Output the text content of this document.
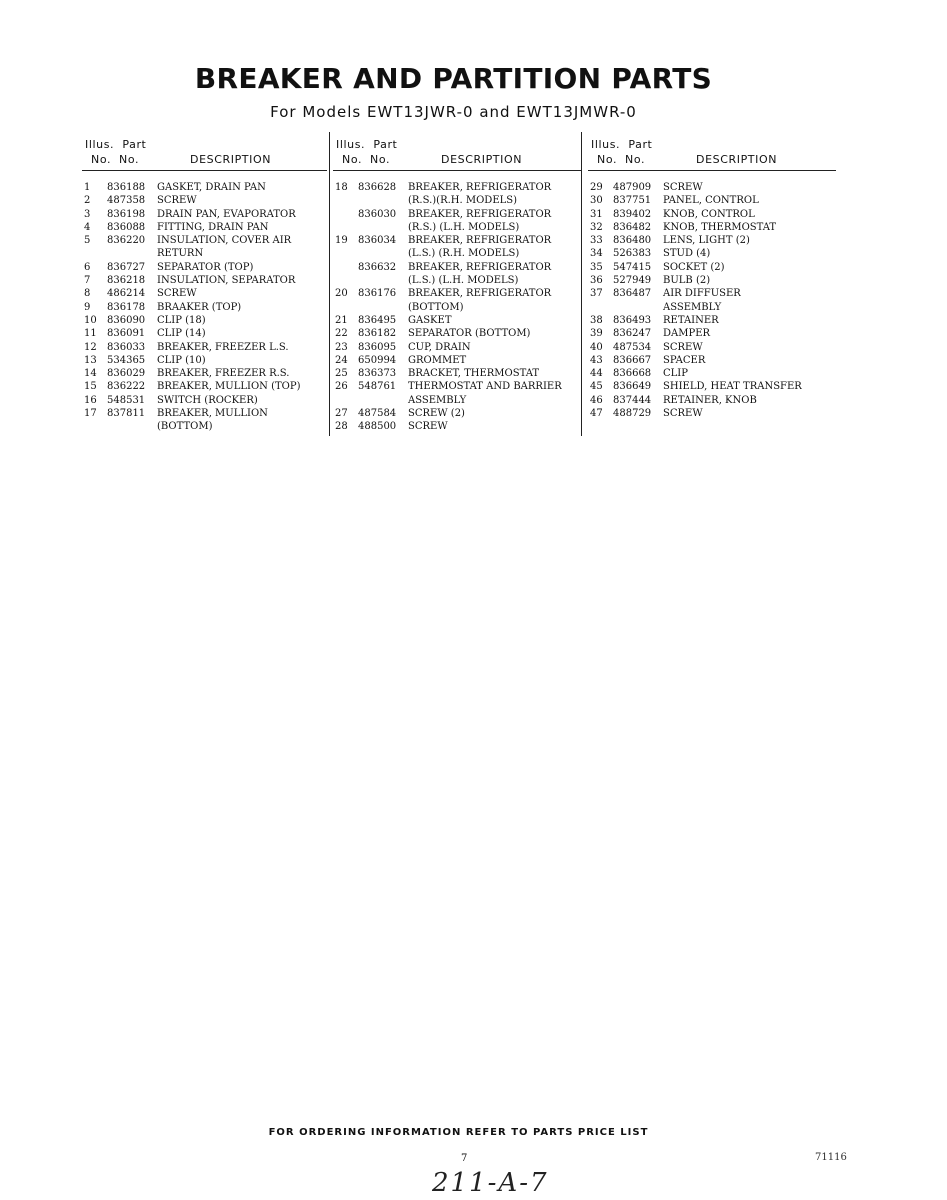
BREAKER AND PARTITION PARTS
For Models EWT13JWR-0 and EWT13JMWR-0
Illus. Part
No. No.	DESCRIPTION
1 836188 GASKET, DRAIN PAN
2 487358 SCREW
3 836198 DRAIN PAN, EVAPORATOR
4 836088 FITTING, DRAIN PAN
5 836220 INSULATION, COVER AIR
RETURN
6 836727 SEPARATOR (TOP)
7 836218 INSULATION, SEPARATOR
8 486214 SCREW
9 836178 BRAAKER (TOP)
10 836090 CLIP (18)
11 836091 CLIP (14)
12 836033 BREAKER, FREEZER L.S.
13 534365 CLIP (10)
14 836029 BREAKER, FREEZER R.S.
15 836222 BREAKER, MULLION (TOP)
16 548531 SWITCH (ROCKER)
17 837811 BREAKER, MULLION
(BOTTOM)
Illus. Part
No. No.	DESCRIPTION
18 836628 BREAKER, REFRIGERATOR
(R.S.)(R.H. MODELS)
836030 BREAKER, REFRIGERATOR
(R.S.) (L.H. MODELS)
19 836034 BREAKER, REFRIGERATOR
(L.S.) (R.H. MODELS)
836632 BREAKER, REFRIGERATOR
(L.S.) (L.H. MODELS)
20 836176 BREAKER, REFRIGERATOR
(BOTTOM)
21 836495 GASKET
22 836182 SEPARATOR (BOTTOM)
23 836095 CUP, DRAIN
24 650994 GROMMET
25 836373 BRACKET, THERMOSTAT
26 548761 THERMOSTAT AND BARRIER
ASSEMBLY
27 487584 SCREW (2)
28 488500 SCREW
Illus. Part
No. No.	DESCRIPTION
29 487909 SCREW
30 837751 PANEL, CONTROL
31 839402 KNOB, CONTROL
32 836482 KNOB, THERMOSTAT
33 836480 LENS, LIGHT (2)
34 526383 STUD (4)
35 547415 SOCKET (2)
36 527949 BULB (2)
37 836487 AIR DIFFUSER
ASSEMBLY
38 836493 RETAINER
39 836247 DAMPER
40 487534 SCREW
43 836667 SPACER
44 836668 CLIP
45 836649 SHIELD, HEAT TRANSFER
46 837444 RETAINER, KNOB
47 488729 SCREW
FOR ORDERING INFORMATION REFER TO PARTS PRICE LIST
7	71116
211-A-7
